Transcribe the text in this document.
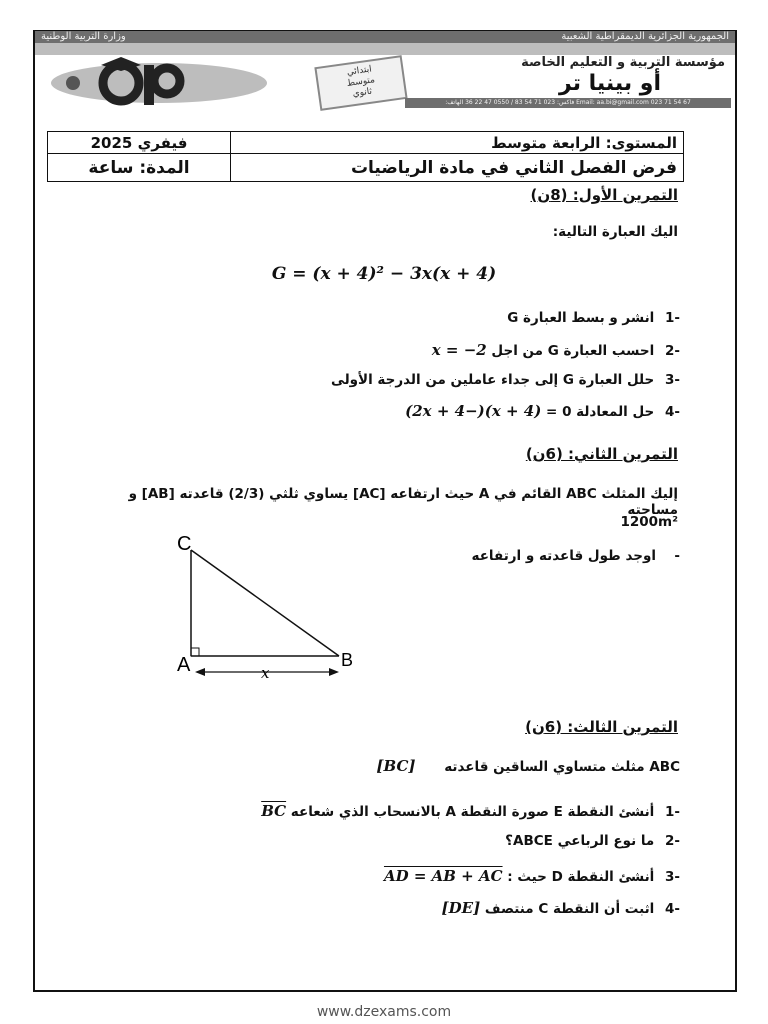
وزارة التربية الوطنية	الجمهورية الجزائرية الديمقراطية الشعبية
ابتدائي
متوسط
ثانوي
مؤسسة التربية و التعليم الخاصة
أو بينيا تر
Email: aa.bi@gmail.com 023 71 54 67 فاكس: 023 71 54 83 / 0550 47 22 36 الهاتف:
المستوى: الرابعة متوسط	فيفري 2025
فرض الفصل الثاني في مادة الرياضيات	المدة: ساعة
التمرين الأول: (8ن)
اليك العبارة التالية:
G = (x + 4)² − 3x(x + 4)
-1 انشر و بسط العبارة G
-2 احسب العبارة G من اجل x = −2
-3 حلل العبارة G إلى جداء عاملين من الدرجة الأولى
-4 حل المعادلة 0 = (x + 4)(−2x + 4)
التمرين الثاني: (6ن)
إليك المثلث ABC القائم في A حيث ارتفاعه [AC] يساوي ثلثي (2/3) قاعدته [AB] و مساحته
1200m²
اوجد طول قاعدته و ارتفاعه -
C
A	B
x
التمرين الثالث: (6ن)
ABC مثلث متساوي الساقين قاعدته [BC]
-1 أنشئ النقطة E صورة النقطة A بالانسحاب الذي شعاعه BC
-2 ما نوع الرباعي ABCE؟
-3 أنشئ النقطة D حيث : AD = AB + AC
-4 اثبت أن النقطة C منتصف [DE]
www.dzexams.com
